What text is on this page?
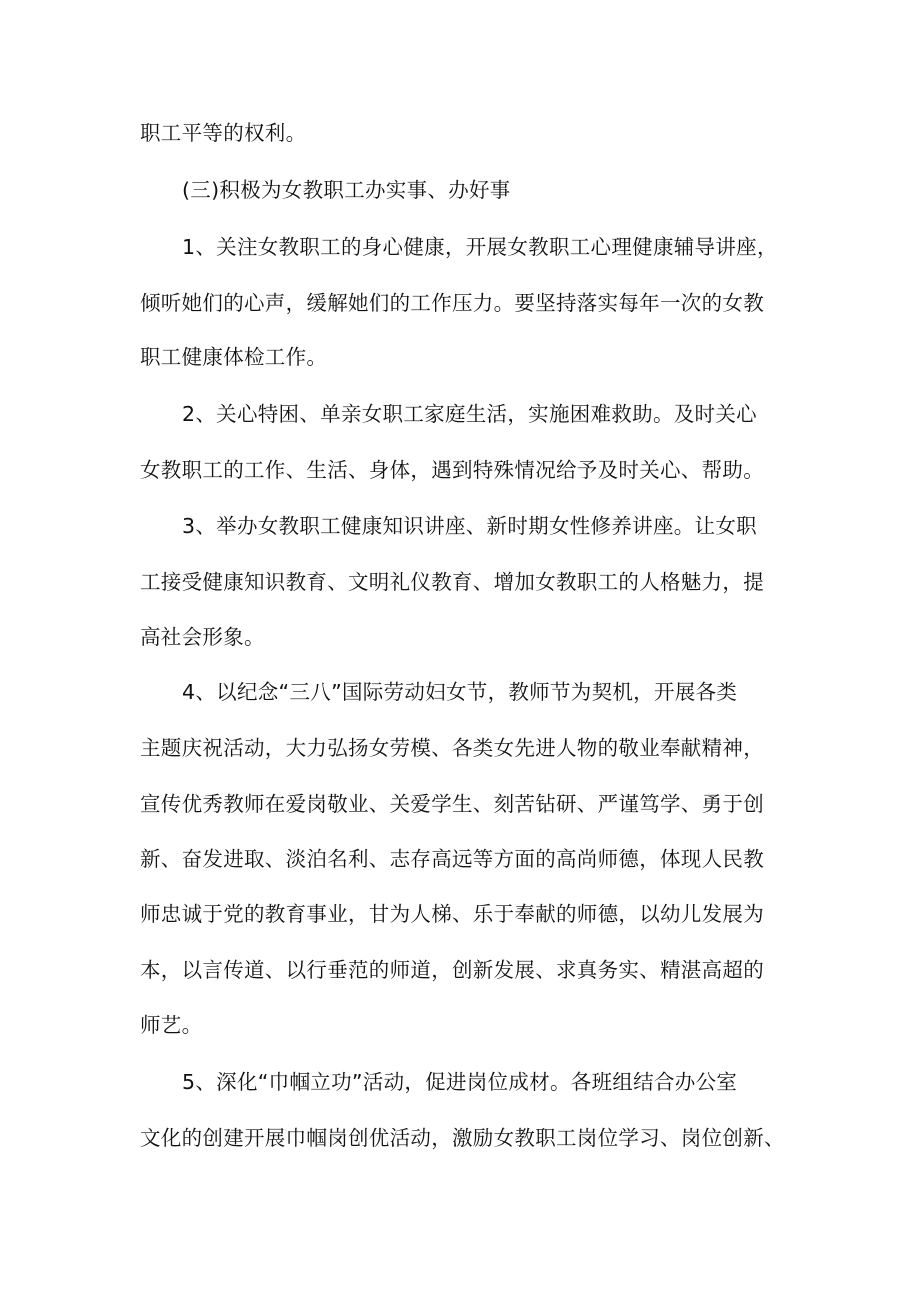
职工平等的权利。

(三)积极为女教职工办实事、办好事

1、关注女教职工的身心健康，开展女教职工心理健康辅导讲座，

倾听她们的心声，缓解她们的工作压力。要坚持落实每年一次的女教

职工健康体检工作。

2、关心特困、单亲女职工家庭生活，实施困难救助。及时关心

女教职工的工作、生活、身体，遇到特殊情况给予及时关心、帮助。

3、举办女教职工健康知识讲座、新时期女性修养讲座。让女职

工接受健康知识教育、文明礼仪教育、增加女教职工的人格魅力，提

高社会形象。

4、以纪念“三八”国际劳动妇女节，教师节为契机，开展各类

主题庆祝活动，大力弘扬女劳模、各类女先进人物的敬业奉献精神，

宣传优秀教师在爱岗敬业、关爱学生、刻苦钻研、严谨笃学、勇于创

新、奋发进取、淡泊名利、志存高远等方面的高尚师德，体现人民教

师忠诚于党的教育事业，甘为人梯、乐于奉献的师德，以幼儿发展为

本，以言传道、以行垂范的师道，创新发展、求真务实、精湛高超的

师艺。

5、深化“巾帼立功”活动，促进岗位成材。各班组结合办公室

文化的创建开展巾帼岗创优活动，激励女教职工岗位学习、岗位创新、
